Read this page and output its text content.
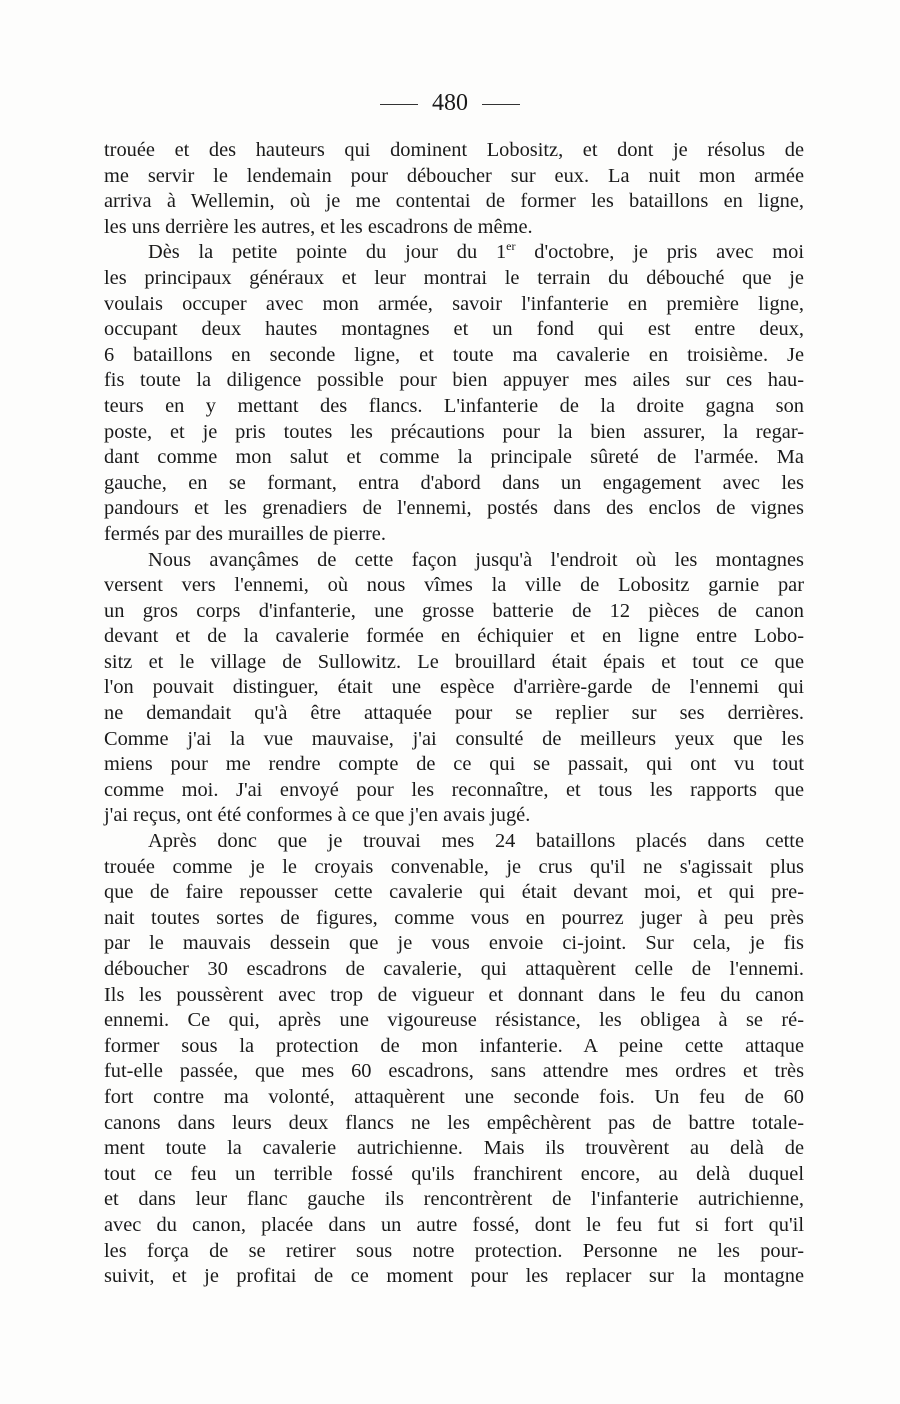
480
trouée et des hauteurs qui dominent Lobositz, et dont je résolus de
me servir le lendemain pour déboucher sur eux. La nuit mon armée
arriva à Wellemin, où je me contentai de former les bataillons en ligne,
les uns derrière les autres, et les escadrons de même.
Dès la petite pointe du jour du 1er d'octobre, je pris avec moi
les principaux généraux et leur montrai le terrain du débouché que je
voulais occuper avec mon armée, savoir l'infanterie en première ligne,
occupant deux hautes montagnes et un fond qui est entre deux,
6 bataillons en seconde ligne, et toute ma cavalerie en troisième. Je
fis toute la diligence possible pour bien appuyer mes ailes sur ces hau-
teurs en y mettant des flancs. L'infanterie de la droite gagna son
poste, et je pris toutes les précautions pour la bien assurer, la regar-
dant comme mon salut et comme la principale sûreté de l'armée. Ma
gauche, en se formant, entra d'abord dans un engagement avec les
pandours et les grenadiers de l'ennemi, postés dans des enclos de vignes
fermés par des murailles de pierre.
Nous avançâmes de cette façon jusqu'à l'endroit où les montagnes
versent vers l'ennemi, où nous vîmes la ville de Lobositz garnie par
un gros corps d'infanterie, une grosse batterie de 12 pièces de canon
devant et de la cavalerie formée en échiquier et en ligne entre Lobo-
sitz et le village de Sullowitz. Le brouillard était épais et tout ce que
l'on pouvait distinguer, était une espèce d'arrière-garde de l'ennemi qui
ne demandait qu'à être attaquée pour se replier sur ses derrières.
Comme j'ai la vue mauvaise, j'ai consulté de meilleurs yeux que les
miens pour me rendre compte de ce qui se passait, qui ont vu tout
comme moi. J'ai envoyé pour les reconnaître, et tous les rapports que
j'ai reçus, ont été conformes à ce que j'en avais jugé.
Après donc que je trouvai mes 24 bataillons placés dans cette
trouée comme je le croyais convenable, je crus qu'il ne s'agissait plus
que de faire repousser cette cavalerie qui était devant moi, et qui pre-
nait toutes sortes de figures, comme vous en pourrez juger à peu près
par le mauvais dessein que je vous envoie ci-joint. Sur cela, je fis
déboucher 30 escadrons de cavalerie, qui attaquèrent celle de l'ennemi.
Ils les poussèrent avec trop de vigueur et donnant dans le feu du canon
ennemi. Ce qui, après une vigoureuse résistance, les obligea à se ré-
former sous la protection de mon infanterie. A peine cette attaque
fut-elle passée, que mes 60 escadrons, sans attendre mes ordres et très
fort contre ma volonté, attaquèrent une seconde fois. Un feu de 60
canons dans leurs deux flancs ne les empêchèrent pas de battre totale-
ment toute la cavalerie autrichienne. Mais ils trouvèrent au delà de
tout ce feu un terrible fossé qu'ils franchirent encore, au delà duquel
et dans leur flanc gauche ils rencontrèrent de l'infanterie autrichienne,
avec du canon, placée dans un autre fossé, dont le feu fut si fort qu'il
les força de se retirer sous notre protection. Personne ne les pour-
suivit, et je profitai de ce moment pour les replacer sur la montagne
